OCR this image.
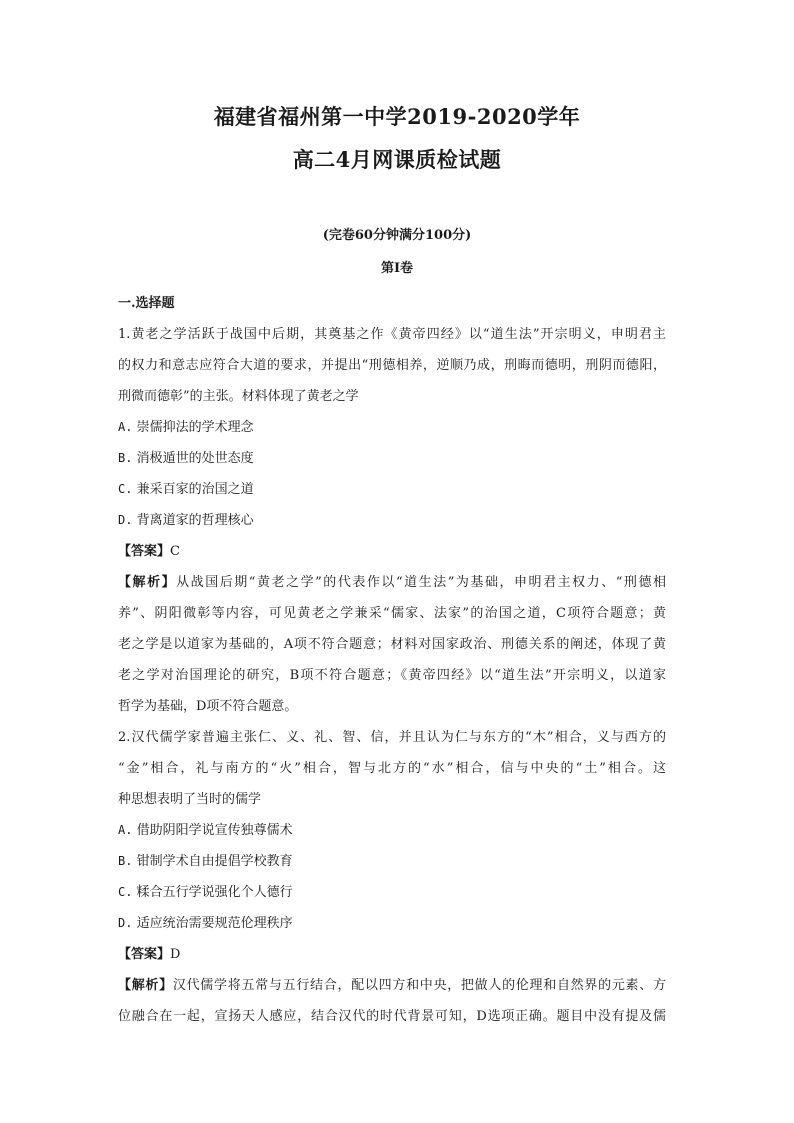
福建省福州第一中学2019-2020学年
高二4月网课质检试题
(完卷60分钟满分100分)
第Ⅰ卷

一.选择题

1.黄老之学活跃于战国中后期，其奠基之作《黄帝四经》以“道生法”开宗明义，申明君主

的权力和意志应符合大道的要求，并提出“刑德相养，逆顺乃成，刑晦而德明，刑阴而德阳，

刑微而德彰”的主张。材料体现了黄老之学

A. 崇儒抑法的学术理念

B. 消极遁世的处世态度

C. 兼采百家的治国之道

D. 背离道家的哲理核心

【答案】C

【解析】从战国后期“黄老之学”的代表作以“道生法”为基础，申明君主权力、“刑德相

养”、阴阳微彰等内容，可见黄老之学兼采“儒家、法家”的治国之道，C项符合题意；黄

老之学是以道家为基础的，A项不符合题意；材料对国家政治、刑德关系的阐述，体现了黄

老之学对治国理论的研究，B项不符合题意；《黄帝四经》以“道生法”开宗明义，以道家

哲学为基础，D项不符合题意。

2.汉代儒学家普遍主张仁、义、礼、智、信，并且认为仁与东方的“木”相合，义与西方的

“金”相合，礼与南方的“火”相合，智与北方的“水”相合，信与中央的“土”相合。这

种思想表明了当时的儒学

A. 借助阴阳学说宣传独尊儒术

B. 钳制学术自由提倡学校教育

C. 糅合五行学说强化个人德行

D. 适应统治需要规范伦理秩序

【答案】D

【解析】汉代儒学将五常与五行结合，配以四方和中央，把做人的伦理和自然界的元素、方

位融合在一起，宣扬天人感应，结合汉代的时代背景可知，D选项正确。题目中没有提及儒
